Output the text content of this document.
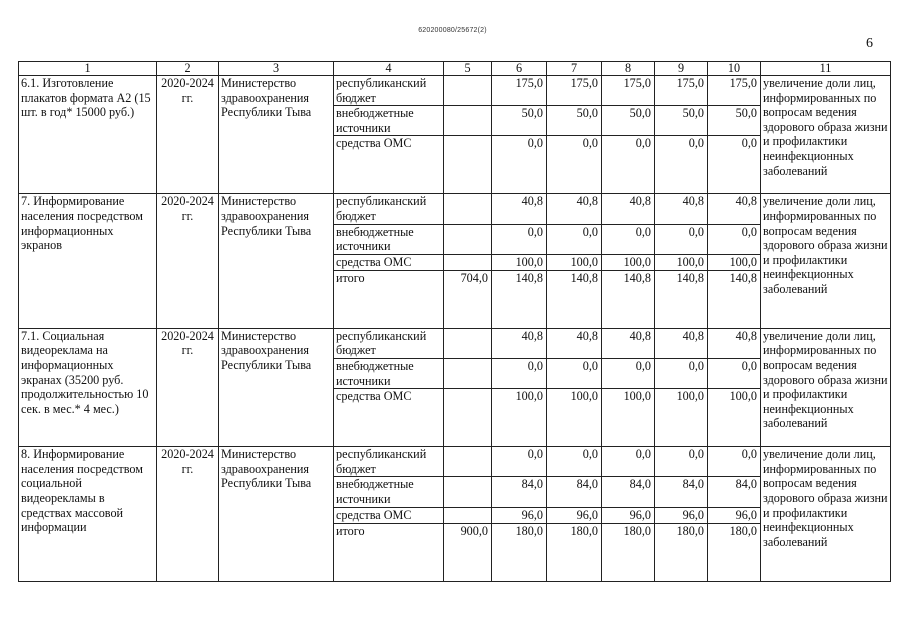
620200080/25672(2)
6
1	2	3	4	5	6	7	8	9	10	11
6.1. Изготовление плакатов формата А2 (15 шт. в год* 15000 руб.)	2020-2024 гг.	Министерство здравоохранения Республики Тыва	республиканский бюджет		175,0	175,0	175,0	175,0	175,0	увеличение доли лиц, информированных по вопросам ведения здорового образа жизни и профилактики неинфекционных заболеваний
			внебюджетные источники		50,0	50,0	50,0	50,0	50,0	
			средства ОМС		0,0	0,0	0,0	0,0	0,0	
7. Информирование населения посредством информационных экранов	2020-2024 гг.	Министерство здравоохранения Республики Тыва	республиканский бюджет		40,8	40,8	40,8	40,8	40,8	увеличение доли лиц, информированных по вопросам ведения здорового образа жизни и профилактики неинфекционных заболеваний
			внебюджетные источники		0,0	0,0	0,0	0,0	0,0	
			средства ОМС		100,0	100,0	100,0	100,0	100,0	
			итого	704,0	140,8	140,8	140,8	140,8	140,8	
7.1. Социальная видеореклама на информационных экранах (35200 руб. продолжительностью 10 сек. в мес.* 4 мес.)	2020-2024 гг.	Министерство здравоохранения Республики Тыва	республиканский бюджет		40,8	40,8	40,8	40,8	40,8	увеличение доли лиц, информированных по вопросам ведения здорового образа жизни и профилактики неинфекционных заболеваний
			внебюджетные источники		0,0	0,0	0,0	0,0	0,0	
			средства ОМС		100,0	100,0	100,0	100,0	100,0	
8. Информирование населения посредством социальной видеорекламы в средствах массовой информации	2020-2024 гг.	Министерство здравоохранения Республики Тыва	республиканский бюджет		0,0	0,0	0,0	0,0	0,0	увеличение доли лиц, информированных по вопросам ведения здорового образа жизни и профилактики неинфекционных заболеваний
			внебюджетные источники		84,0	84,0	84,0	84,0	84,0	
			средства ОМС		96,0	96,0	96,0	96,0	96,0	
			итого	900,0	180,0	180,0	180,0	180,0	180,0	
